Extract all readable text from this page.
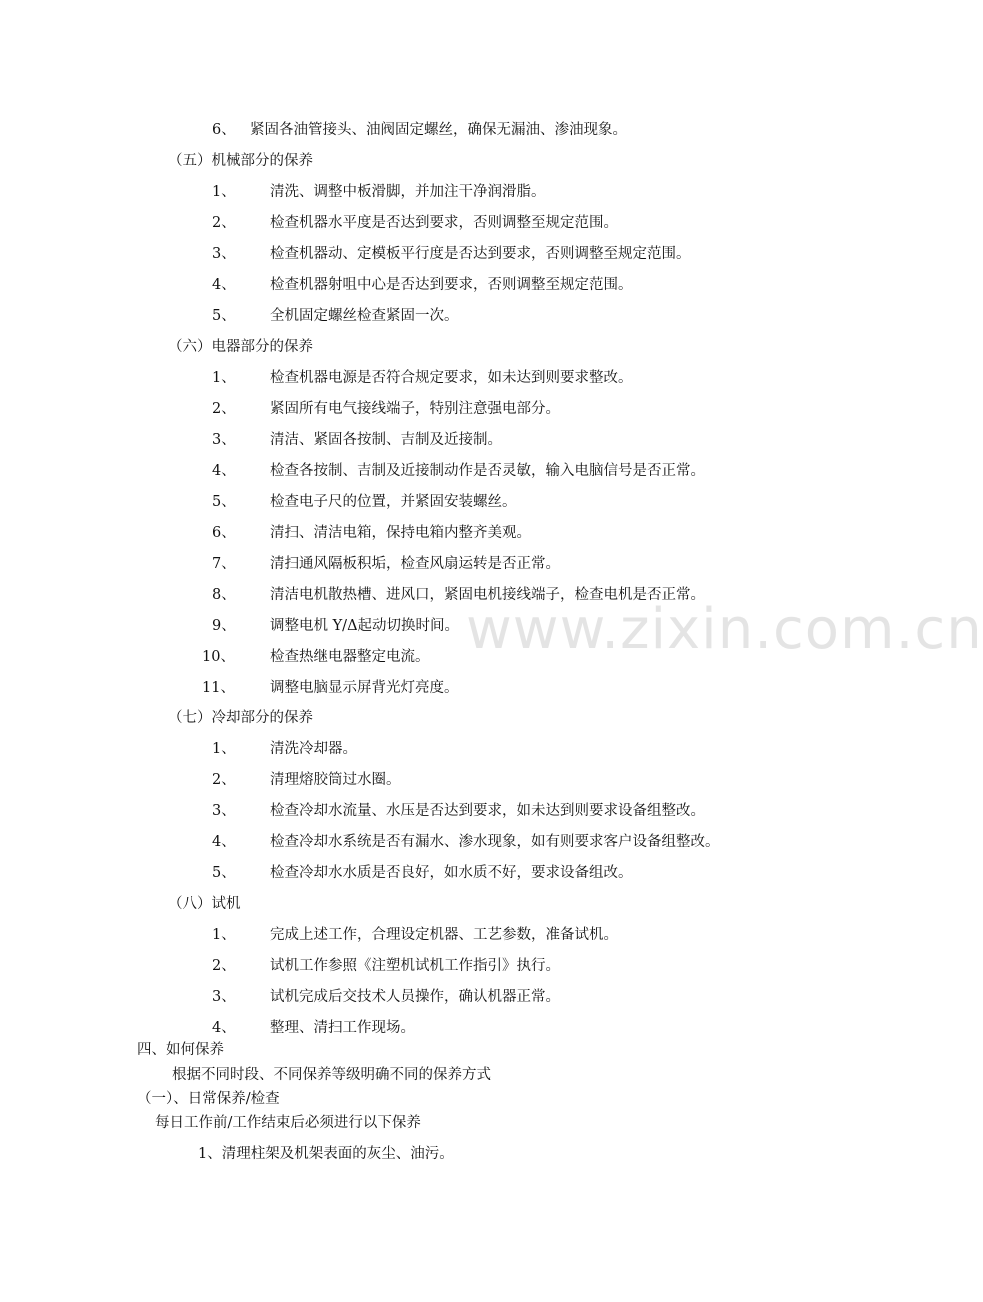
www.zixin.com.cn
6、 紧固各油管接头、油阀固定螺丝，确保无漏油、渗油现象。
（五）机械部分的保养
（六）电器部分的保养
（七）冷却部分的保养
（八）试机
四、如何保养
根据不同时段、不同保养等级明确不同的保养方式
（一）、日常保养/检查
每日工作前/工作结束后必须进行以下保养
1、清理柱架及机架表面的灰尘、油污。
1、 清洗、调整中板滑脚，并加注干净润滑脂。
2、 检查机器水平度是否达到要求，否则调整至规定范围。
3、 检查机器动、定模板平行度是否达到要求，否则调整至规定范围。
4、 检查机器射咀中心是否达到要求，否则调整至规定范围。
5、 全机固定螺丝检查紧固一次。
1、 检查机器电源是否符合规定要求，如未达到则要求整改。
2、 紧固所有电气接线端子，特别注意强电部分。
3、 清洁、紧固各按制、吉制及近接制。
4、 检查各按制、吉制及近接制动作是否灵敏，输入电脑信号是否正常。
5、 检查电子尺的位置，并紧固安装螺丝。
6、 清扫、清洁电箱，保持电箱内整齐美观。
7、 清扫通风隔板积垢，检查风扇运转是否正常。
8、 清洁电机散热槽、进风口，紧固电机接线端子，检查电机是否正常。
9、 调整电机 Y/Δ起动切换时间。
10、 检查热继电器整定电流。
11、 调整电脑显示屏背光灯亮度。
1、 清洗冷却器。
2、 清理熔胶筒过水圈。
3、 检查冷却水流量、水压是否达到要求，如未达到则要求设备组整改。
4、 检查冷却水系统是否有漏水、渗水现象，如有则要求客户设备组整改。
5、 检查冷却水水质是否良好，如水质不好，要求设备组改。
1、 完成上述工作，合理设定机器、工艺参数，准备试机。
2、 试机工作参照《注塑机试机工作指引》执行。
3、 试机完成后交技术人员操作，确认机器正常。
4、 整理、清扫工作现场。
